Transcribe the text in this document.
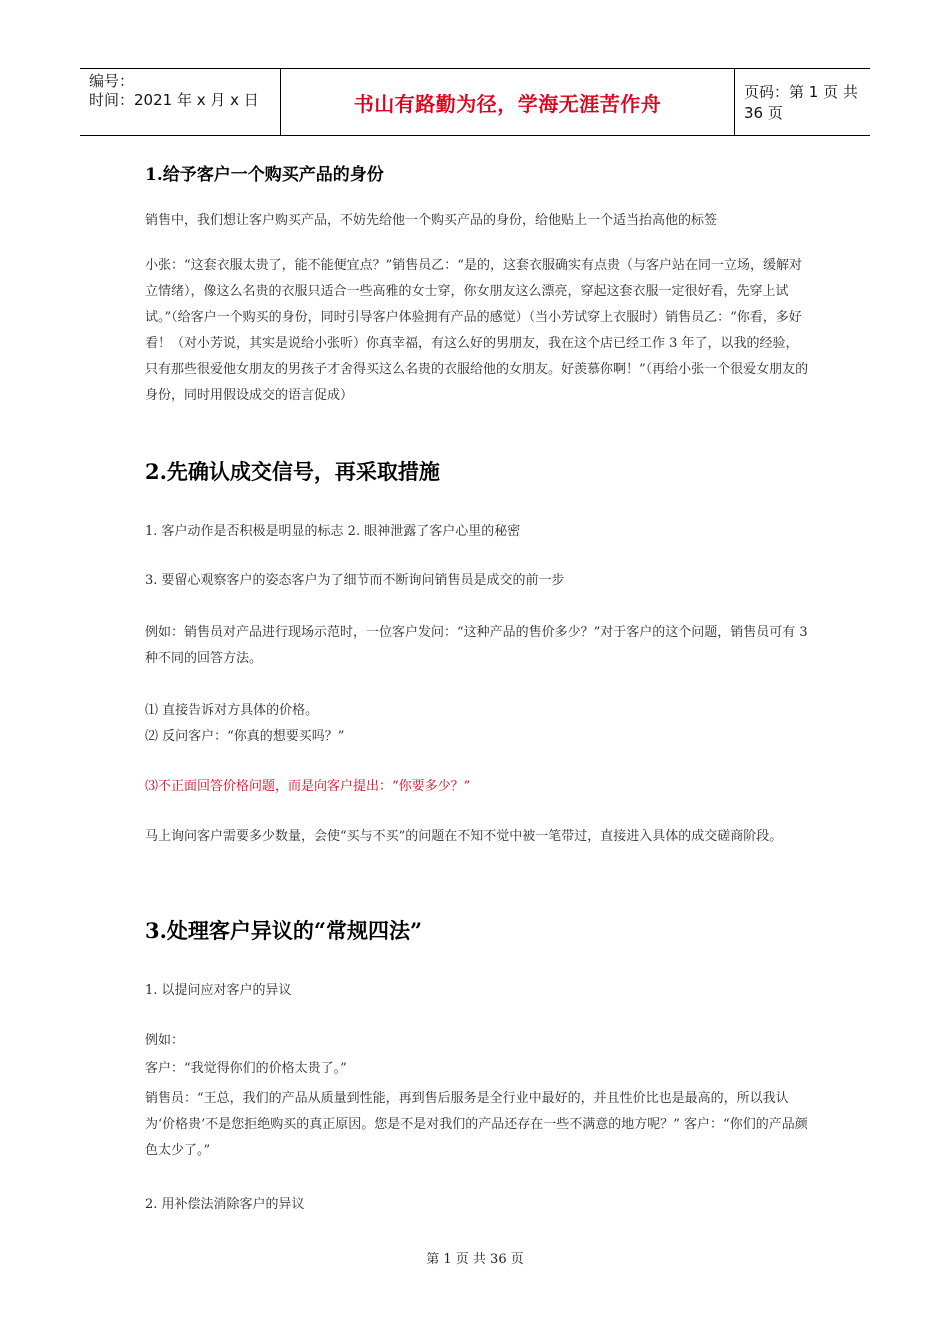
编号：
时间：2021 年 x 月 x 日	书山有路勤为径，学海无涯苦作舟	页码：第 1 页 共 36 页
1.给予客户一个购买产品的身份
销售中，我们想让客户购买产品，不妨先给他一个购买产品的身份，给他贴上一个适当抬高他的标签
小张：“这套衣服太贵了，能不能便宜点？”销售员乙：“是的，这套衣服确实有点贵（与客户站在同一立场，缓解对立情绪），像这么名贵的衣服只适合一些高雅的女士穿，你女朋友这么漂亮，穿起这套衣服一定很好看，先穿上试试。”（给客户一个购买的身份，同时引导客户体验拥有产品的感觉）（当小芳试穿上衣服时）销售员乙：“你看，多好看！（对小芳说，其实是说给小张听）你真幸福，有这么好的男朋友，我在这个店已经工作 3 年了，以我的经验，只有那些很爱他女朋友的男孩子才舍得买这么名贵的衣服给他的女朋友。好羡慕你啊！”（再给小张一个很爱女朋友的身份，同时用假设成交的语言促成）
2.先确认成交信号，再采取措施
1. 客户动作是否积极是明显的标志 2. 眼神泄露了客户心里的秘密
3. 要留心观察客户的姿态客户为了细节而不断询问销售员是成交的前一步
例如：销售员对产品进行现场示范时，一位客户发问：“这种产品的售价多少？”对于客户的这个问题，销售员可有 3 种不同的回答方法。
⑴ 直接告诉对方具体的价格。
⑵ 反问客户：“你真的想要买吗？”
⑶不正面回答价格问题，而是向客户提出：“你要多少？”
马上询问客户需要多少数量，会使“买与不买”的问题在不知不觉中被一笔带过，直接进入具体的成交磋商阶段。
3.处理客户异议的“常规四法”
1. 以提问应对客户的异议
例如：
客户：“我觉得你们的价格太贵了。”
销售员：“王总，我们的产品从质量到性能，再到售后服务是全行业中最好的，并且性价比也是最高的，所以我认为‘价格贵’不是您拒绝购买的真正原因。您是不是对我们的产品还存在一些不满意的地方呢？” 客户：“你们的产品颜色太少了。”
2. 用补偿法消除客户的异议
第 1 页 共 36 页
